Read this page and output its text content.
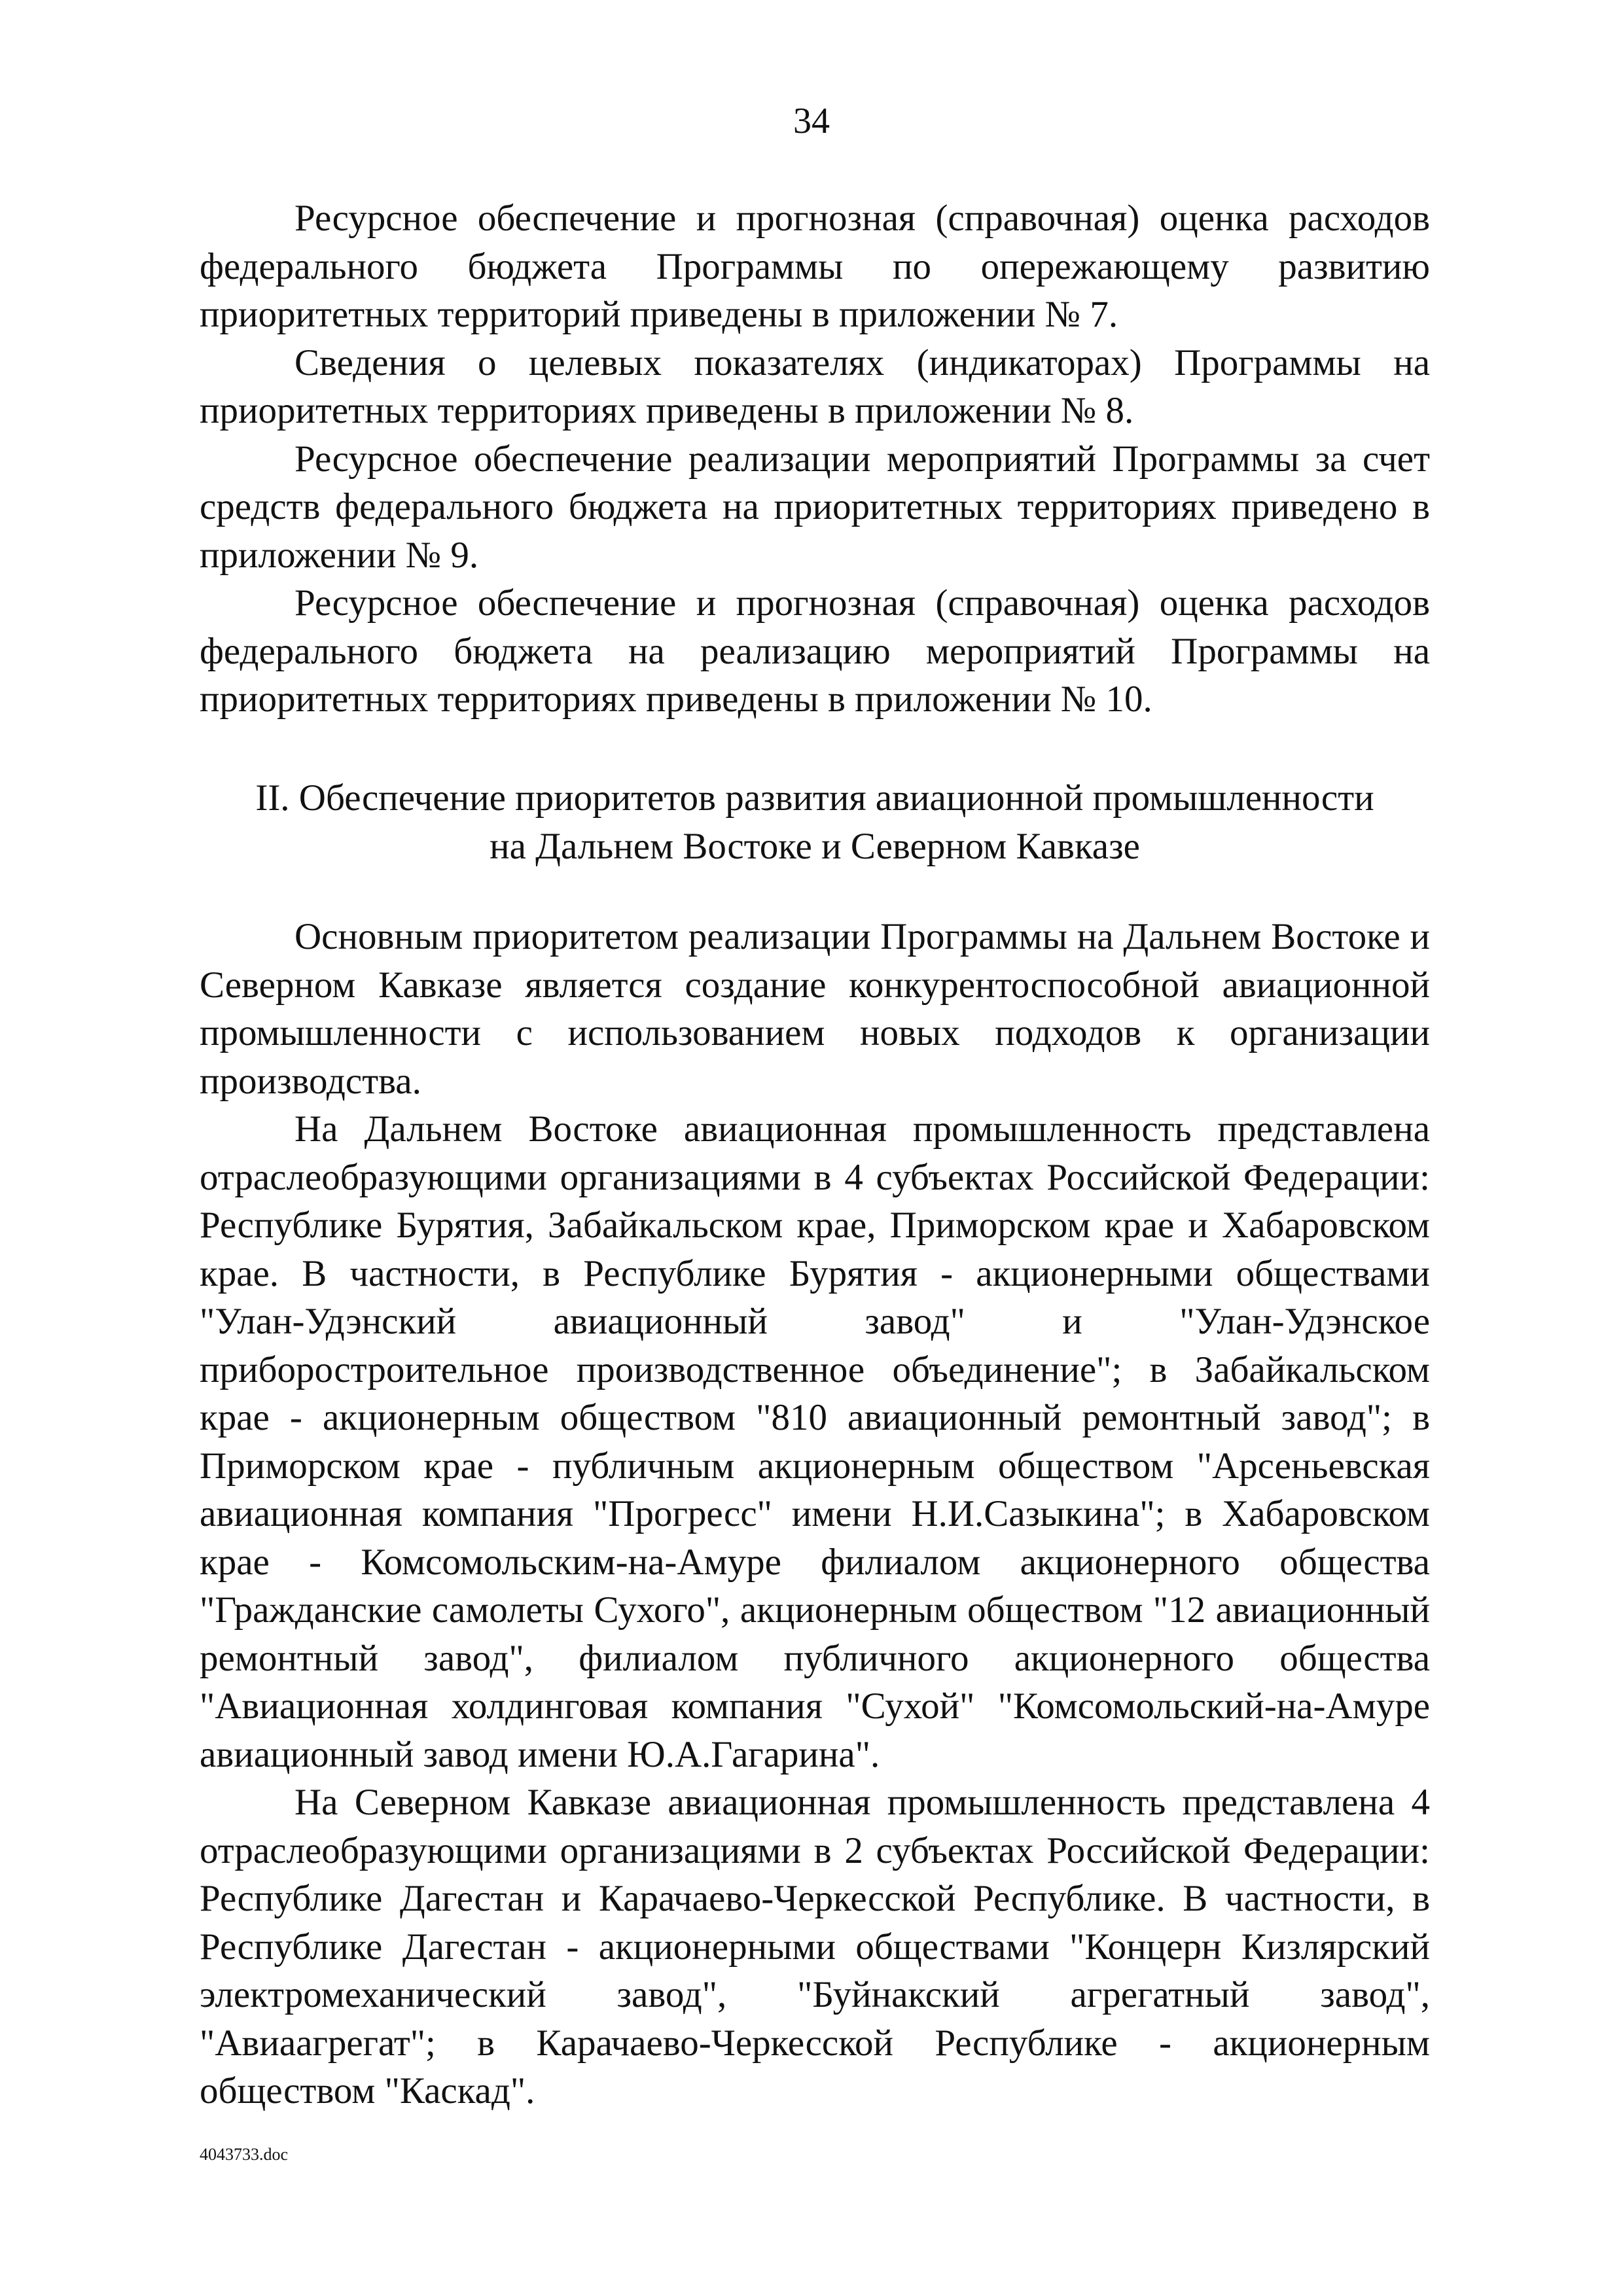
34

Ресурсное обеспечение и прогнозная (справочная) оценка расходов федерального бюджета Программы по опережающему развитию приоритетных территорий приведены в приложении № 7.

Сведения о целевых показателях (индикаторах) Программы на приоритетных территориях приведены в приложении № 8.

Ресурсное обеспечение реализации мероприятий Программы за счет средств федерального бюджета на приоритетных территориях приведено в приложении № 9.

Ресурсное обеспечение и прогнозная (справочная) оценка расходов федерального бюджета на реализацию мероприятий Программы на приоритетных территориях приведены в приложении № 10.

II. Обеспечение приоритетов развития авиационной промышленности
на Дальнем Востоке и Северном Кавказе

Основным приоритетом реализации Программы на Дальнем Востоке и Северном Кавказе является создание конкурентоспособной авиационной промышленности с использованием новых подходов к организации производства.

На Дальнем Востоке авиационная промышленность представлена отраслеобразующими организациями в 4 субъектах Российской Федерации: Республике Бурятия, Забайкальском крае, Приморском крае и Хабаровском крае. В частности, в Республике Бурятия - акционерными обществами "Улан-Удэнский авиационный завод" и "Улан-Удэнское приборостроительное производственное объединение"; в Забайкальском крае - акционерным обществом "810 авиационный ремонтный завод"; в Приморском крае - публичным акционерным обществом "Арсеньевская авиационная компания "Прогресс" имени Н.И.Сазыкина"; в Хабаровском крае - Комсомольским-на-Амуре филиалом акционерного общества "Гражданские самолеты Сухого", акционерным обществом "12 авиационный ремонтный завод", филиалом публичного акционерного общества "Авиационная холдинговая компания "Сухой" "Комсомольский-на-Амуре авиационный завод имени Ю.А.Гагарина".

На Северном Кавказе авиационная промышленность представлена 4 отраслеобразующими организациями в 2 субъектах Российской Федерации: Республике Дагестан и Карачаево-Черкесской Республике. В частности, в Республике Дагестан - акционерными обществами "Концерн Кизлярский электромеханический завод", "Буйнакский агрегатный завод", "Авиаагрегат"; в Карачаево-Черкесской Республике - акционерным обществом "Каскад".

4043733.doc
